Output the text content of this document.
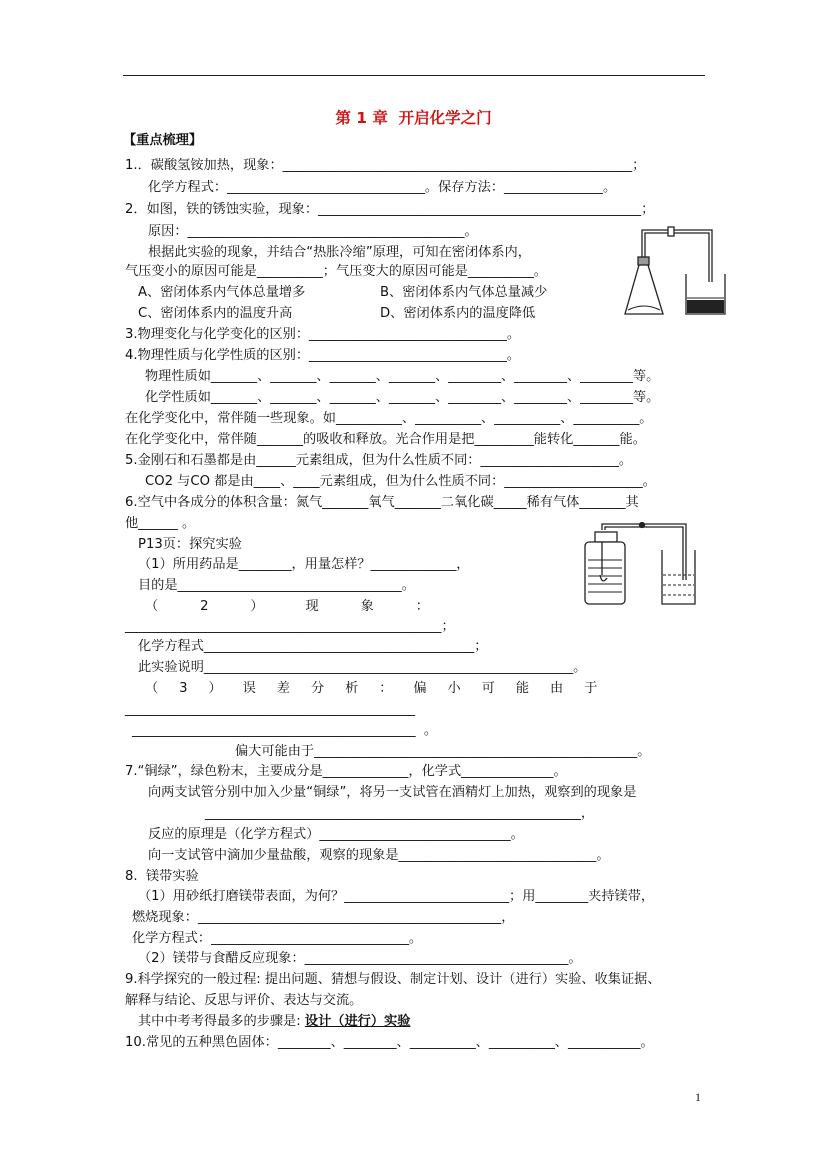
第 1 章  开启化学之门
【重点梳理】
1.．碳酸氢铵加热，现象：_____________________________________________________；
化学方程式：______________________________。保存方法：_______________。
2．如图，铁的锈蚀实验，现象：_________________________________________________；
原因：__________________________________________。
根据此实验的现象，并结合“热胀冷缩”原理，可知在密闭体系内，
气压变小的原因可能是__________；气压变大的原因可能是__________。
A、密闭体系内气体总量增多	B、密闭体系内气体总量减少
C、密闭体系内的温度升高	D、密闭体系内的温度降低
3.物理变化与化学变化的区别：______________________________。
4.物理性质与化学性质的区别：______________________________。
物理性质如_______、_______、_______、_______、________、________、________等。
化学性质如_______、_______、_______、_______、________、________、________等。
在化学变化中，常伴随一些现象。如__________、__________、__________、__________。
在化学变化中，常伴随_______的吸收和释放。光合作用是把_________能转化_______能。
5.金刚石和石墨都是由______元素组成，但为什么性质不同：_____________________。
CO2 与CO 都是由____、____元素组成，但为什么性质不同：_____________________。
6.空气中各成分的体积含量：氮气_______氧气_______二氧化碳_____稀有气体_______其
他______ 。
P13页：探究实验
（1）所用药品是________，用量怎样？_____________，
目的是__________________________________。
（          2          ）          现          象          ：
________________________________________________；
化学方程式_________________________________________；
此实验说明________________________________________________________。
（     3     ）     误     差     分     析     ：     偏     小     可     能     由     于
____________________________________________
___________________________________________  。
偏大可能由于_________________________________________________。
7.“铜绿”，绿色粉末，主要成分是_____________，化学式______________。
向两支试管分别中加入少量“铜绿”，将另一支试管在酒精灯上加热，观察到的现象是
_________________________________________________________，
反应的原理是（化学方程式）_____________________________。
向一支试管中滴加少量盐酸，观察的现象是______________________________。
8.  镁带实验
（1）用砂纸打磨镁带表面，为何？_________________________；用________夹持镁带，
燃烧现象：______________________________________________，
化学方程式：______________________________。
（2）镁带与食醋反应现象：________________________________________。
9.科学探究的一般过程: 提出问题、猜想与假设、制定计划、设计（进行）实验、收集证据、
解释与结论、反思与评价、表达与交流。
其中中考考得最多的步骤是: 设计（进行）实验
10.常见的五种黑色固体：________、________、__________、__________、___________。
1
